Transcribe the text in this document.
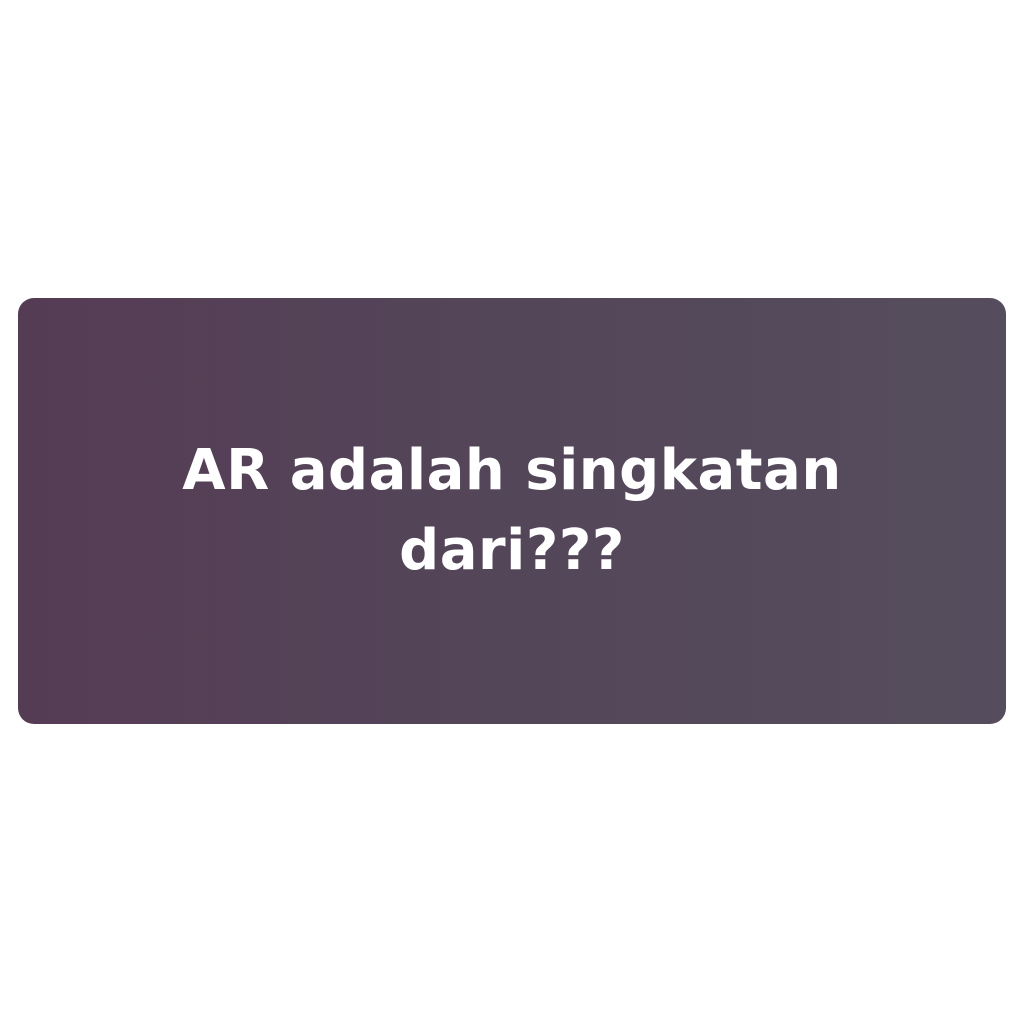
AR adalah singkatan dari???
